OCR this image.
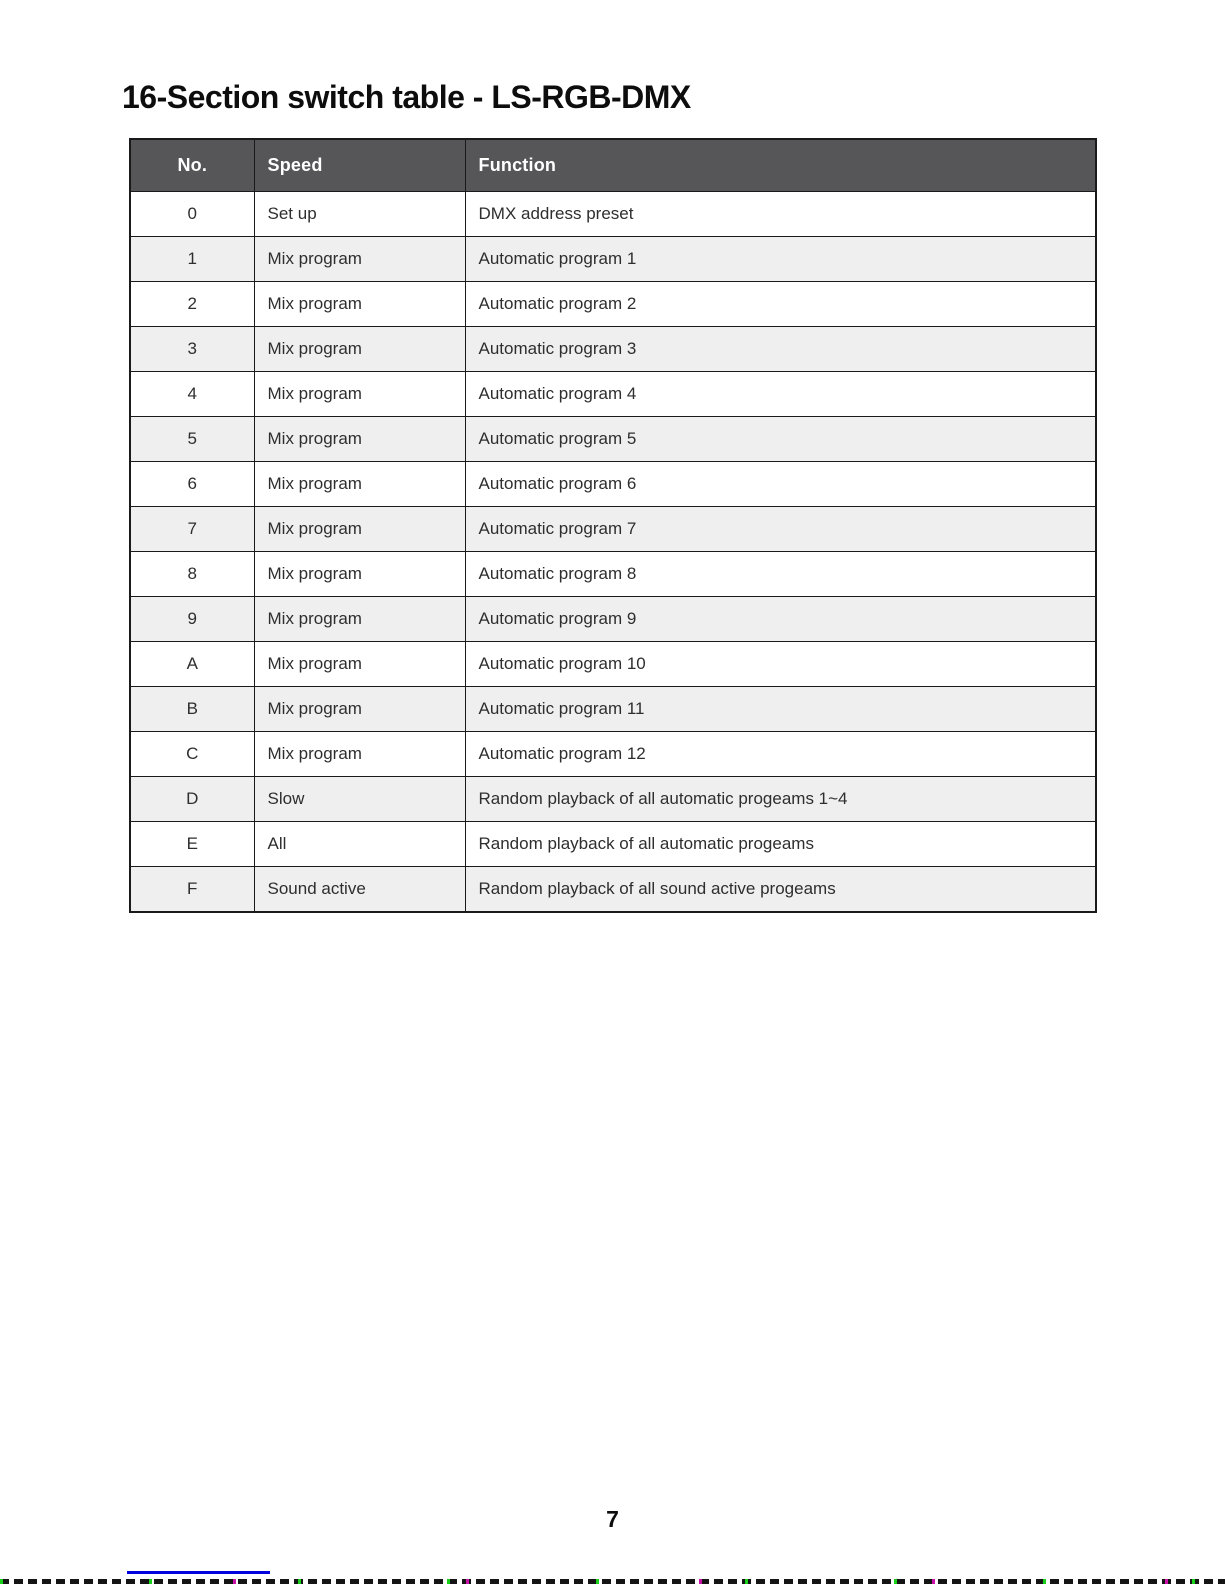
16-Section switch table - LS-RGB-DMX
No.	Speed	Function
0	Set up	DMX address preset
1	Mix program	Automatic program 1
2	Mix program	Automatic program 2
3	Mix program	Automatic program 3
4	Mix program	Automatic program 4
5	Mix program	Automatic program 5
6	Mix program	Automatic program 6
7	Mix program	Automatic program 7
8	Mix program	Automatic program 8
9	Mix program	Automatic program 9
A	Mix program	Automatic program 10
B	Mix program	Automatic program 11
C	Mix program	Automatic program 12
D	Slow	Random playback of all automatic progeams 1~4
E	All	Random playback of all automatic progeams
F	Sound active	Random playback of all sound active progeams
7
